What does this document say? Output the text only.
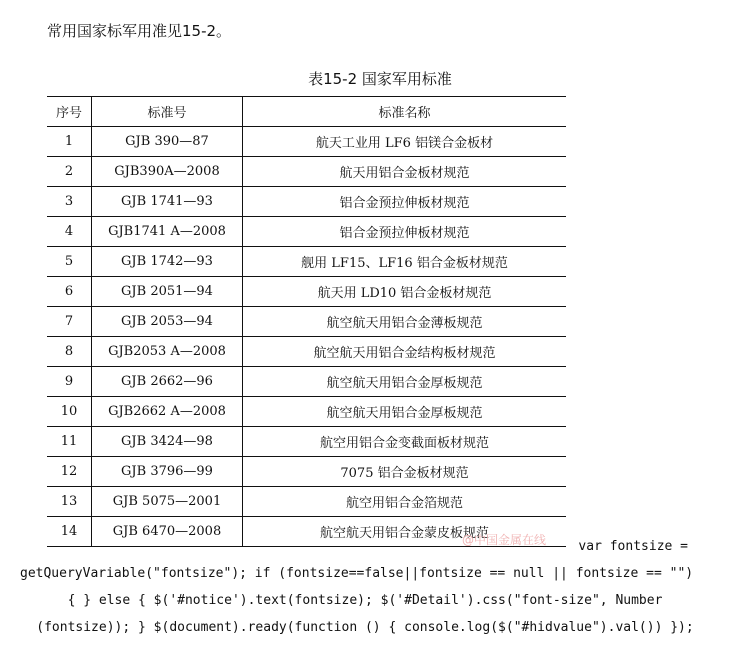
常用国家标军用准见15-2。
表15-2 国家军用标准
序号	标准号	标准名称
1	GJB 390—87	航天工业用 LF6 铝镁合金板材
2	GJB390A—2008	航天用铝合金板材规范
3	GJB 1741—93	铝合金预拉伸板材规范
4	GJB1741 A—2008	铝合金预拉伸板材规范
5	GJB 1742—93	舰用 LF15、LF16 铝合金板材规范
6	GJB 2051—94	航天用 LD10 铝合金板材规范
7	GJB 2053—94	航空航天用铝合金薄板规范
8	GJB2053 A—2008	航空航天用铝合金结构板材规范
9	GJB 2662—96	航空航天用铝合金厚板规范
10	GJB2662 A—2008	航空航天用铝合金厚板规范
11	GJB 3424—98	航空用铝合金变截面板材规范
12	GJB 3796—99	7075 铝合金板材规范
13	GJB 5075—2001	航空用铝合金箔规范
14	GJB 6470—2008	航空航天用铝合金蒙皮板规范
@中国金属在线	var fontsize =
getQueryVariable("fontsize"); if (fontsize==false||fontsize == null || fontsize == "")
{ } else { $('#notice').text(fontsize); $('#Detail').css("font-size", Number
(fontsize)); } $(document).ready(function () { console.log($("#hidvalue").val()) });
